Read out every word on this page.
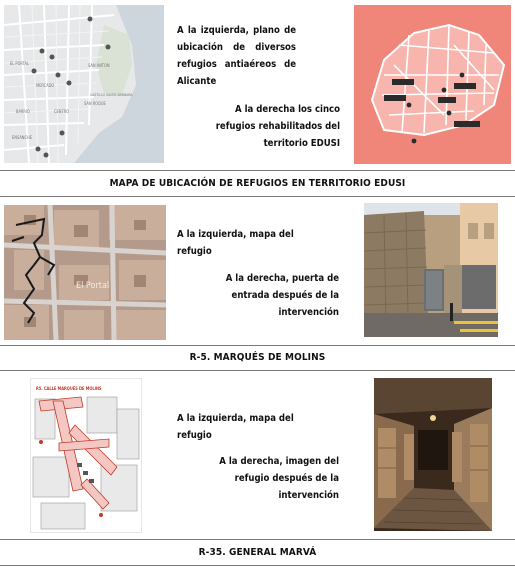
EL PORTAL
MERCADO
CENTRO
SAN ANTON
CASTILLO SANTA BARBARA
SAN ROQUE
BARRIO
ENSANCHE
A la izquierda, plano de
ubicación de diversos
refugios antiaéreos de
Alicante
A la derecha los cinco
refugios rehabilitados del
territorio EDUSI
MAPA DE UBICACIÓN DE REFUGIOS EN TERRITORIO EDUSI
El Portal
A la izquierda, mapa del
refugio
A la derecha, puerta de
entrada después de la
intervención
R-5. MARQUÉS DE MOLINS
R5. CALLE MARQUÉS DE MOLINS
A la izquierda, mapa del
refugio
A la derecha, imagen del
refugio después de la
intervención
R-35. GENERAL MARVÁ
